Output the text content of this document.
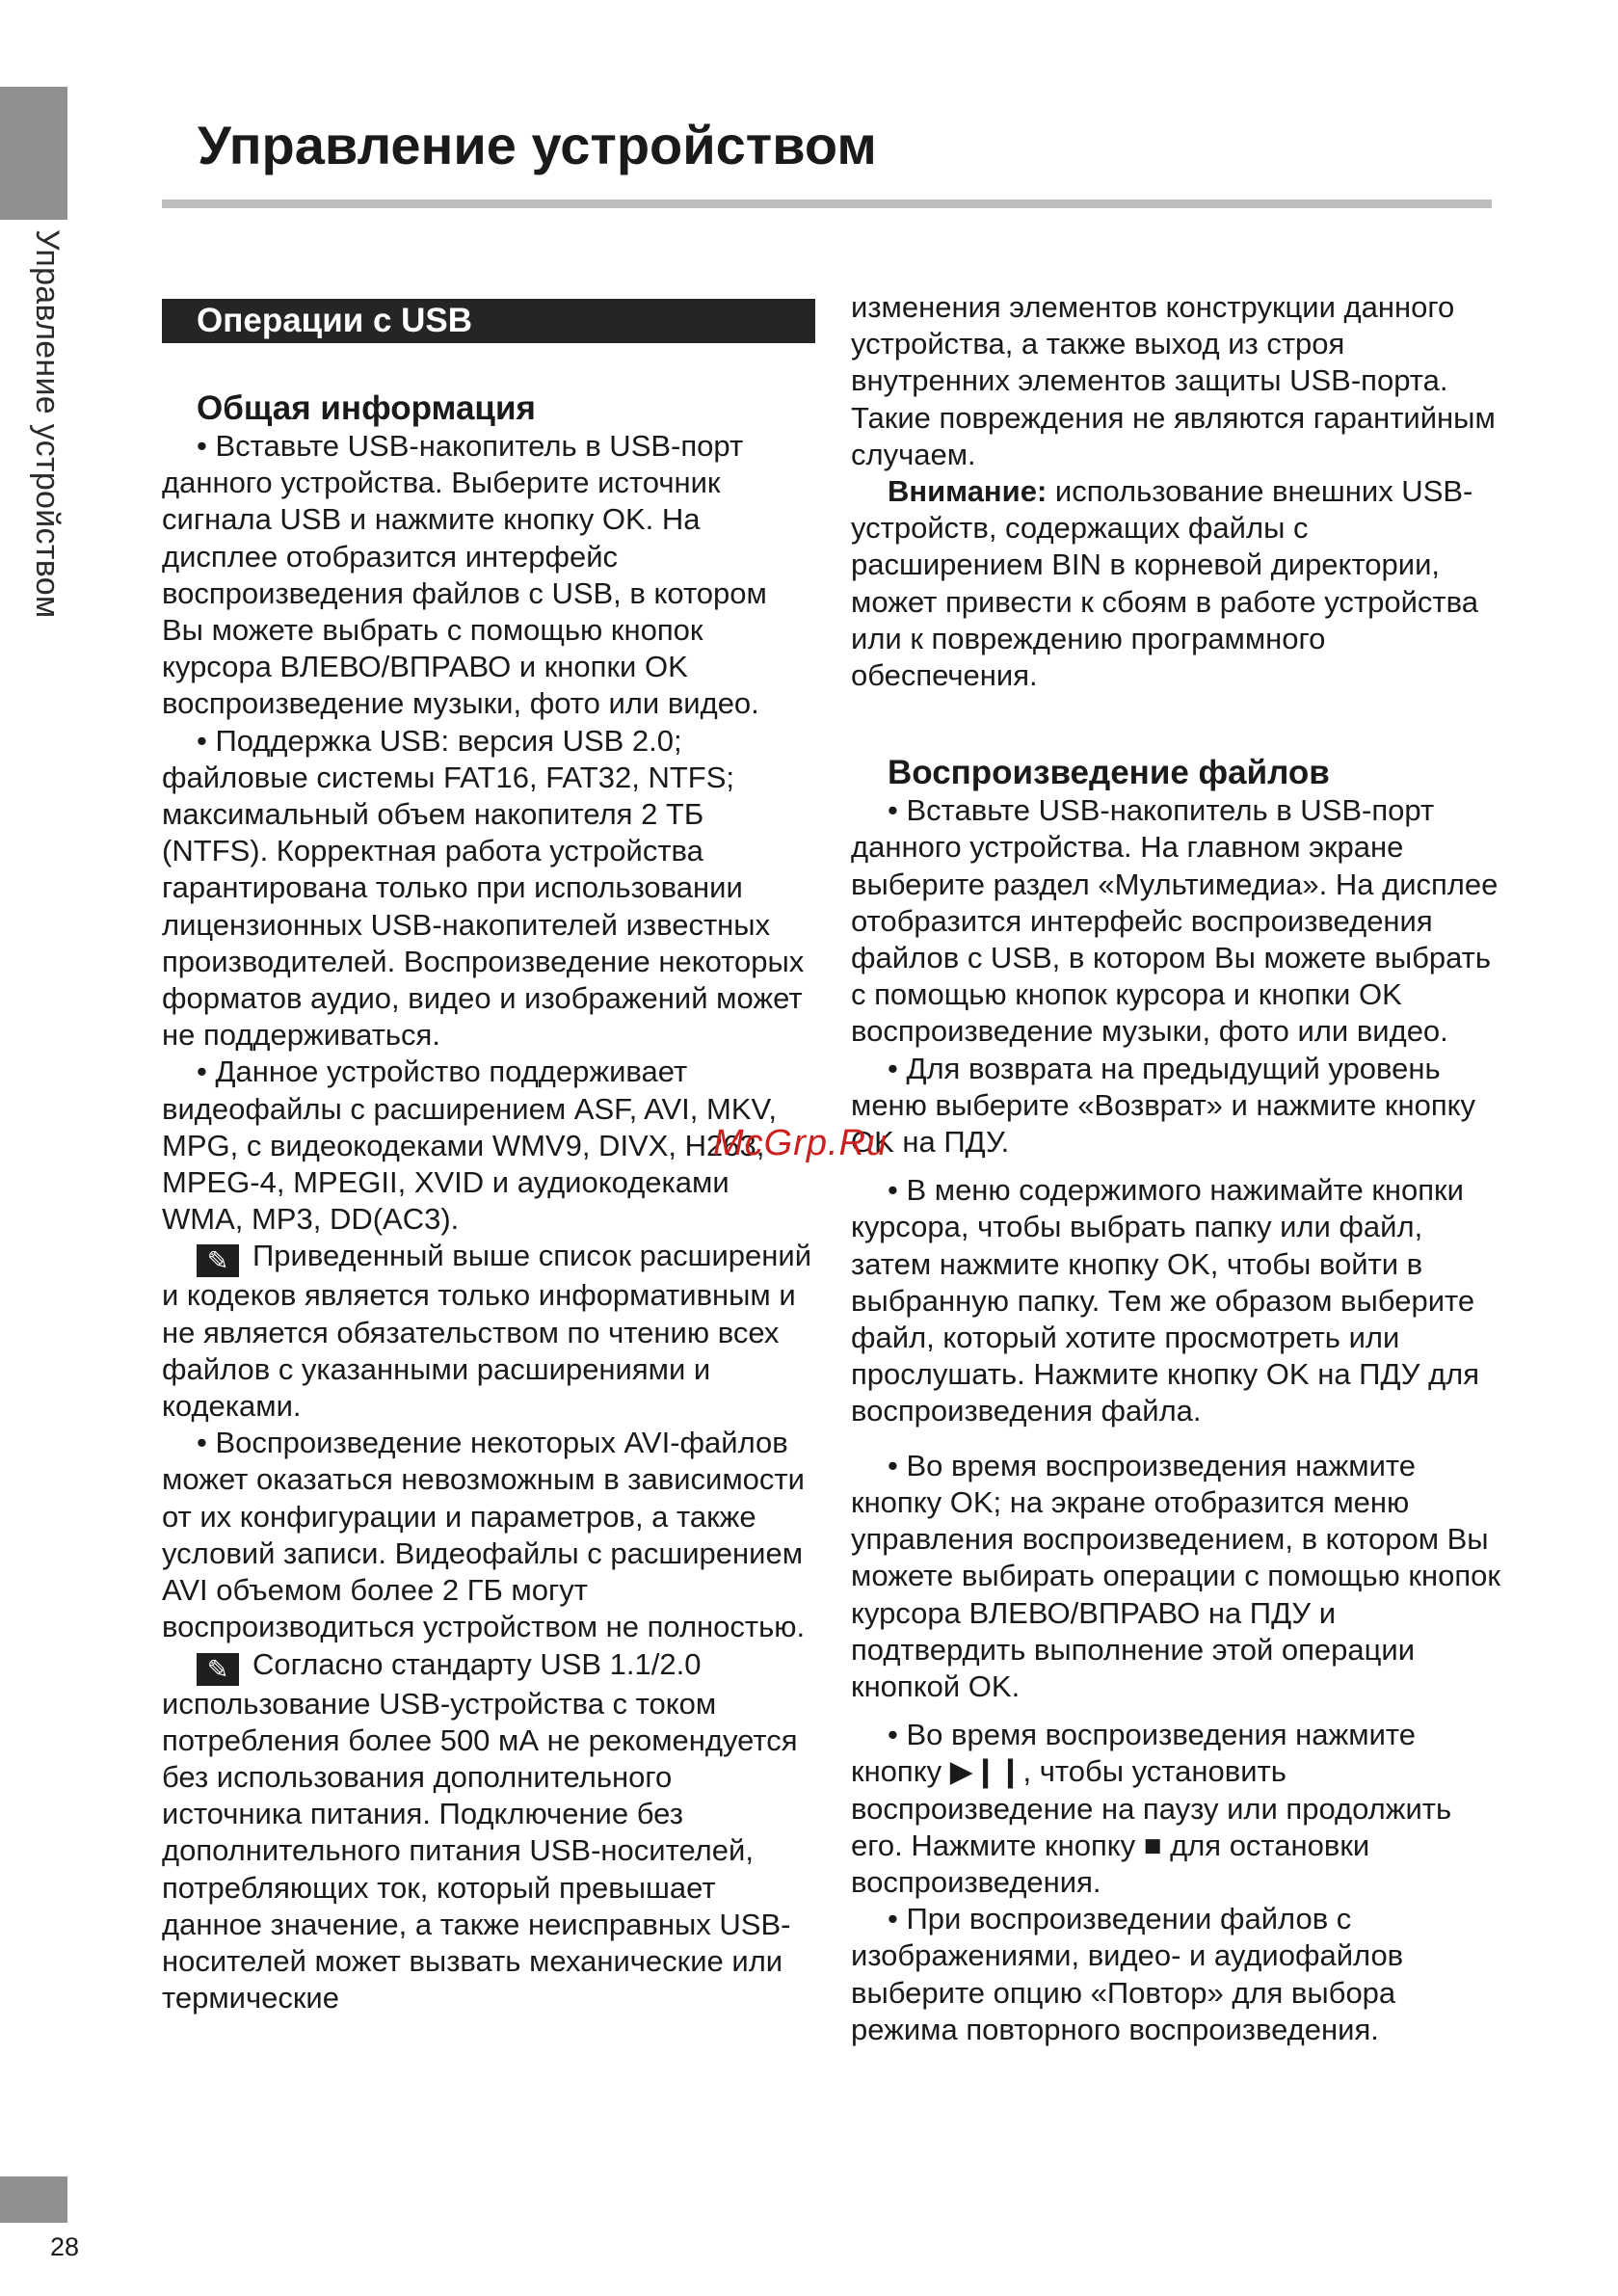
Управление устройством
28
Управление устройством
Операции с USB
Общая информация

• Вставьте USB-накопитель в USB-порт данного устройства. Выберите источник сигнала USB и нажмите кнопку OK. На дисплее отобразится интерфейс воспроизведения файлов с USB, в котором Вы можете выбрать с помощью кнопок курсора ВЛЕВО/ВПРАВО и кнопки OK воспроизведение музыки, фото или видео.

• Поддержка USB: версия USB 2.0; файловые системы FAT16, FAT32, NTFS; максимальный объем накопителя 2 ТБ (NTFS). Корректная работа устройства гарантирована только при использовании лицензионных USB-накопителей известных производителей. Воспроизведение некоторых форматов аудио, видео и изображений может не поддерживаться.

• Данное устройство поддерживает видеофайлы с расширением ASF, AVI, MKV, MPG, с видеокодеками WMV9, DIVX, H263, MPEG-4, MPEGII, XVID и аудиокодеками WMA, MP3, DD(AC3).

✎ Приведенный выше список расширений и кодеков является только информативным и не является обязательством по чтению всех файлов с указанными расширениями и кодеками.

• Воспроизведение некоторых AVI-файлов может оказаться невозможным в зависимости от их конфигурации и параметров, а также условий записи. Видеофайлы с расширением AVI объемом более 2 ГБ могут воспроизводиться устройством не полностью.

✎ Согласно стандарту USB 1.1/2.0 использование USB-устройства с током потребления более 500 мА не рекомендуется без использования дополнительного источника питания. Подключение без дополнительного питания USB-носителей, потребляющих ток, который превышает данное значение, а также неисправных USB-носителей может вызвать механические или термические

изменения элементов конструкции данного устройства, а также выход из строя внутренних элементов защиты USB-порта. Такие повреждения не являются гарантийным случаем.

Внимание: использование внешних USB-устройств, содержащих файлы с расширением BIN в корневой директории, может привести к сбоям в работе устройства или к повреждению программного обеспечения.

Воспроизведение файлов

• Вставьте USB-накопитель в USB-порт данного устройства. На главном экране выберите раздел «Мультимедиа». На дисплее отобразится интерфейс воспроизведения файлов с USB, в котором Вы можете выбрать с помощью кнопок курсора и кнопки OK воспроизведение музыки, фото или видео.

• Для возврата на предыдущий уровень меню выберите «Возврат» и нажмите кнопку OK на ПДУ.

• В меню содержимого нажимайте кнопки курсора, чтобы выбрать папку или файл, затем нажмите кнопку OK, чтобы войти в выбранную папку. Тем же образом выберите файл, который хотите просмотреть или прослушать. Нажмите кнопку OK на ПДУ для воспроизведения файла.

• Во время воспроизведения нажмите кнопку OK; на экране отобразится меню управления воспроизведением, в котором Вы можете выбирать операции с помощью кнопок курсора ВЛЕВО/ВПРАВО на ПДУ и подтвердить выполнение этой операции кнопкой OK.

• Во время воспроизведения нажмите кнопку ▶❙❙, чтобы установить воспроизведение на паузу или продолжить его. Нажмите кнопку ■ для остановки воспроизведения.

• При воспроизведении файлов с изображениями, видео- и аудиофайлов выберите опцию «Повтор» для выбора режима повторного воспроизведения.

McGrp.Ru
